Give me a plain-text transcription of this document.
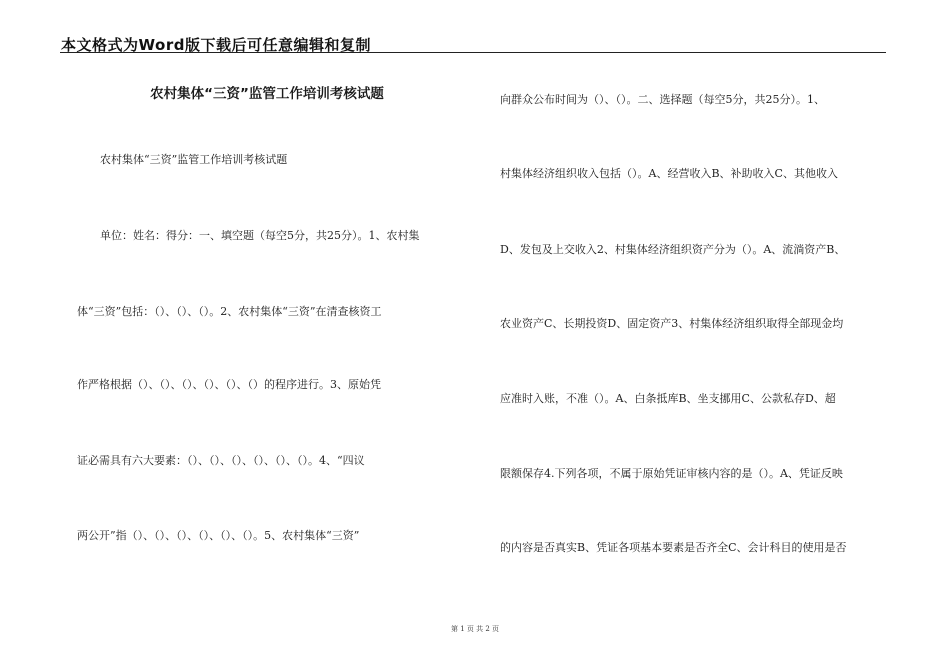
本文格式为Word版下载后可任意编辑和复制
农村集体“三资”监管工作培训考核试题
农村集体“三资”监管工作培训考核试题
单位：姓名：得分：一、填空题（每空5分，共25分）。1、农村集
体“三资”包括：（）、（）、（）。2、农村集体“三资”在清查核资工
作严格根据（）、（）、（）、（）、（）、（）的程序进行。3、原始凭
证必需具有六大要素：（）、（）、（）、（）、（）、（）。4、“四议
两公开”指（）、（）、（）、（）、（）、（）。5、农村集体“三资”
向群众公布时间为（）、（）。二、选择题（每空5分，共25分）。1、
村集体经济组织收入包括（）。A、经营收入B、补助收入C、其他收入
D、发包及上交收入2、村集体经济组织资产分为（）。A、流淌资产B、
农业资产C、长期投资D、固定资产3、村集体经济组织取得全部现金均
应准时入账，不准（）。A、白条抵库B、坐支挪用C、公款私存D、超
限额保存4.下列各项，不属于原始凭证审核内容的是（）。A、凭证反映
的内容是否真实B、凭证各项基本要素是否齐全C、会计科目的使用是否
第 1 页 共 2 页
